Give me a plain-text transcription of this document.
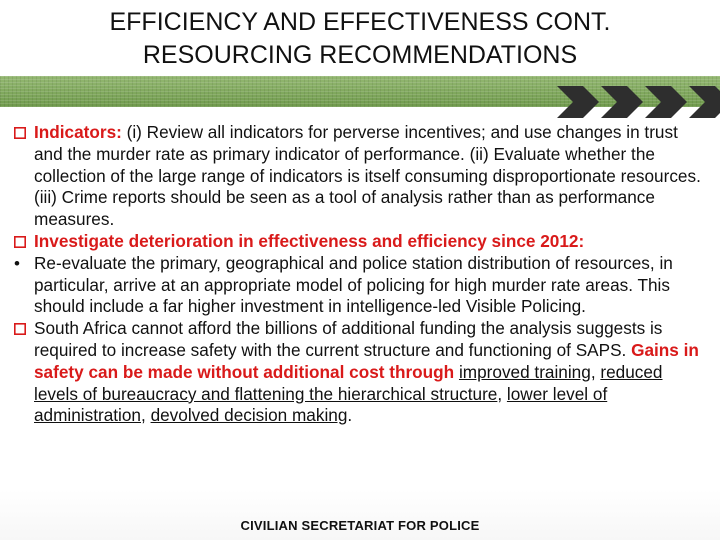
EFFICIENCY AND EFFECTIVENESS CONT.
RESOURCING RECOMMENDATIONS
Indicators: (i) Review all indicators for perverse incentives; and use changes in trust and the murder rate as primary indicator of performance. (ii) Evaluate whether the collection of the large range of indicators is itself consuming disproportionate resources. (iii) Crime reports should be seen as a tool of analysis rather than as performance measures.
Investigate deterioration in effectiveness and efficiency since 2012:
• Re-evaluate the primary, geographical and police station distribution of resources, in particular, arrive at an appropriate model of policing for high murder rate areas. This should include a far higher investment in intelligence-led Visible Policing.
South Africa cannot afford the billions of additional funding the analysis suggests is required to increase safety with the current structure and functioning of SAPS. Gains in safety can be made without additional cost through improved training, reduced levels of bureaucracy and flattening the hierarchical structure, lower level of administration, devolved decision making.
CIVILIAN SECRETARIAT FOR POLICE
